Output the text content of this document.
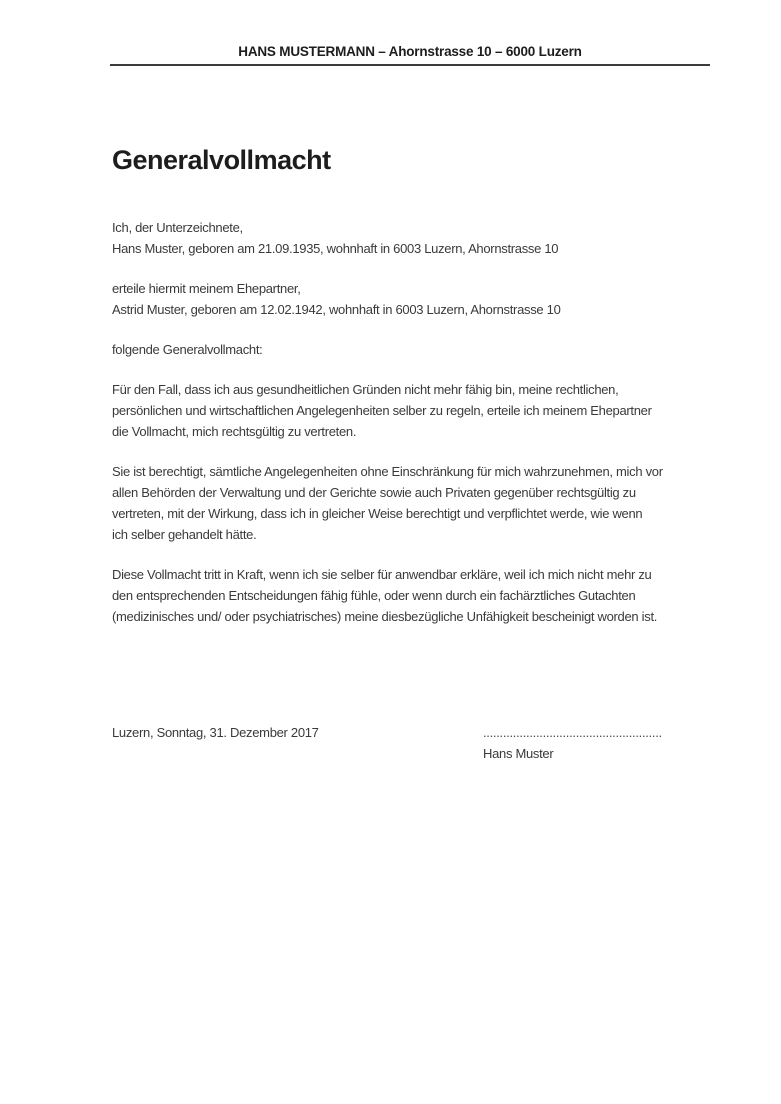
HANS MUSTERMANN – Ahornstrasse 10 – 6000 Luzern
Generalvollmacht
Ich, der Unterzeichnete,
Hans Muster, geboren am 21.09.1935, wohnhaft in 6003 Luzern, Ahornstrasse 10
erteile hiermit meinem Ehepartner,
Astrid Muster, geboren am 12.02.1942, wohnhaft in 6003 Luzern, Ahornstrasse 10
folgende Generalvollmacht:
Für den Fall, dass ich aus gesundheitlichen Gründen nicht mehr fähig bin, meine rechtlichen,
persönlichen und wirtschaftlichen Angelegenheiten selber zu regeln, erteile ich meinem Ehepartner
die Vollmacht, mich rechtsgültig zu vertreten.
Sie ist berechtigt, sämtliche Angelegenheiten ohne Einschränkung für mich wahrzunehmen, mich vor
allen Behörden der Verwaltung und der Gerichte sowie auch Privaten gegenüber rechtsgültig zu
vertreten, mit der Wirkung, dass ich in gleicher Weise berechtigt und verpflichtet werde, wie wenn
ich selber gehandelt hätte.
Diese Vollmacht tritt in Kraft, wenn ich sie selber für anwendbar erkläre, weil ich mich nicht mehr zu
den entsprechenden Entscheidungen fähig fühle, oder wenn durch ein fachärztliches Gutachten
(medizinisches und/ oder psychiatrisches) meine diesbezügliche Unfähigkeit bescheinigt worden ist.
Luzern, Sonntag, 31. Dezember 2017	......................................................
Hans Muster
